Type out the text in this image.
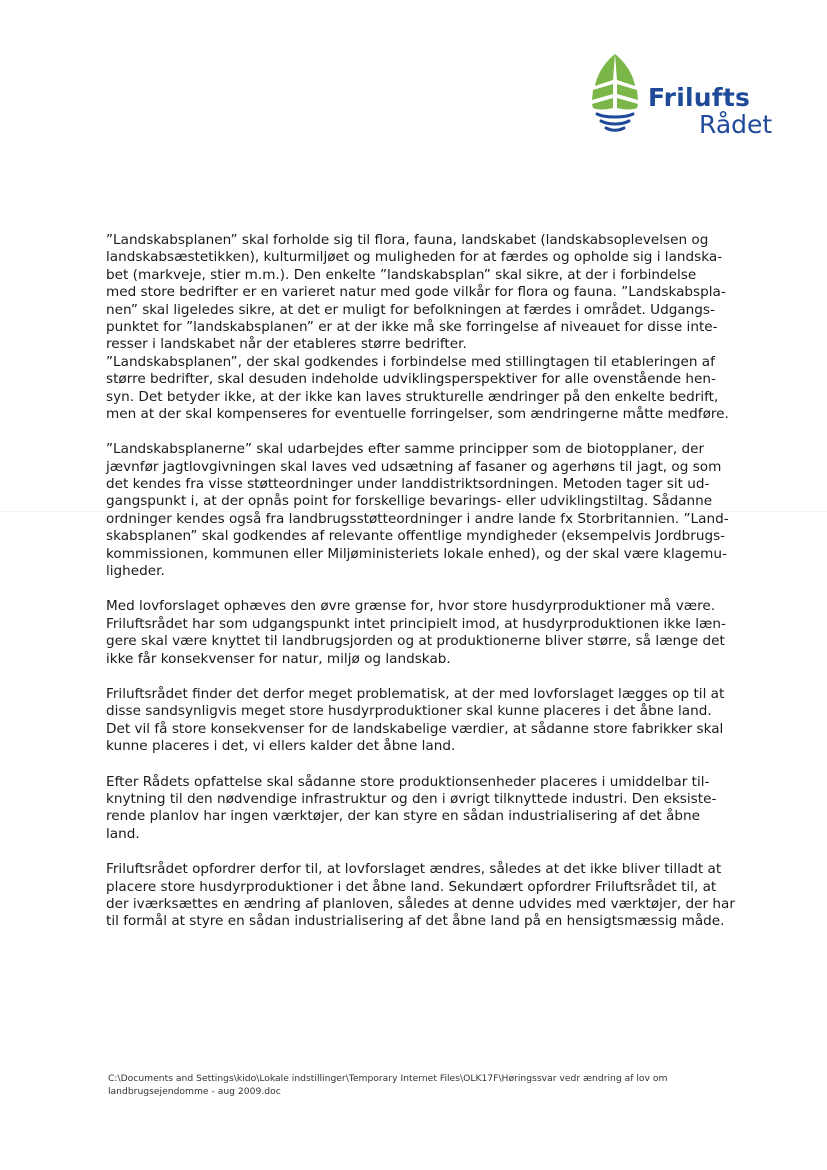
Frilufts
Rådet

”Landskabsplanen” skal forholde sig til flora, fauna, landskabet (landskabsoplevelsen og
landskabsæstetikken), kulturmiljøet og muligheden for at færdes og opholde sig i landska-
bet (markveje, stier m.m.). Den enkelte ”landskabsplan” skal sikre, at der i forbindelse
med store bedrifter er en varieret natur med gode vilkår for flora og fauna. ”Landskabspla-
nen” skal ligeledes sikre, at det er muligt for befolkningen at færdes i området. Udgangs-
punktet for ”landskabsplanen” er at der ikke må ske forringelse af niveauet for disse inte-
resser i landskabet når der etableres større bedrifter.
”Landskabsplanen”, der skal godkendes i forbindelse med stillingtagen til etableringen af
større bedrifter, skal desuden indeholde udviklingsperspektiver for alle ovenstående hen-
syn. Det betyder ikke, at der ikke kan laves strukturelle ændringer på den enkelte bedrift,
men at der skal kompenseres for eventuelle forringelser, som ændringerne måtte medføre.

”Landskabsplanerne” skal udarbejdes efter samme principper som de biotopplaner, der
jævnfør jagtlovgivningen skal laves ved udsætning af fasaner og agerhøns til jagt, og som
det kendes fra visse støtteordninger under landdistriktsordningen. Metoden tager sit ud-
gangspunkt i, at der opnås point for forskellige bevarings- eller udviklingstiltag. Sådanne
ordninger kendes også fra landbrugsstøtteordninger i andre lande fx Storbritannien. ”Land-
skabsplanen” skal godkendes af relevante offentlige myndigheder (eksempelvis Jordbrugs-
kommissionen, kommunen eller Miljøministeriets lokale enhed), og der skal være klagemu-
ligheder.

Med lovforslaget ophæves den øvre grænse for, hvor store husdyrproduktioner må være.
Friluftsrådet har som udgangspunkt intet principielt imod, at husdyrproduktionen ikke læn-
gere skal være knyttet til landbrugsjorden og at produktionerne bliver større, så længe det
ikke får konsekvenser for natur, miljø og landskab.

Friluftsrådet finder det derfor meget problematisk, at der med lovforslaget lægges op til at
disse sandsynligvis meget store husdyrproduktioner skal kunne placeres i det åbne land.
Det vil få store konsekvenser for de landskabelige værdier, at sådanne store fabrikker skal
kunne placeres i det, vi ellers kalder det åbne land.

Efter Rådets opfattelse skal sådanne store produktionsenheder placeres i umiddelbar til-
knytning til den nødvendige infrastruktur og den i øvrigt tilknyttede industri. Den eksiste-
rende planlov har ingen værktøjer, der kan styre en sådan industrialisering af det åbne
land.

Friluftsrådet opfordrer derfor til, at lovforslaget ændres, således at det ikke bliver tilladt at
placere store husdyrproduktioner i det åbne land. Sekundært opfordrer Friluftsrådet til, at
der iværksættes en ændring af planloven, således at denne udvides med værktøjer, der har
til formål at styre en sådan industrialisering af det åbne land på en hensigtsmæssig måde.

C:\Documents and Settings\kido\Lokale indstillinger\Temporary Internet Files\OLK17F\Høringssvar vedr ændring af lov om
landbrugsejendomme - aug 2009.doc
